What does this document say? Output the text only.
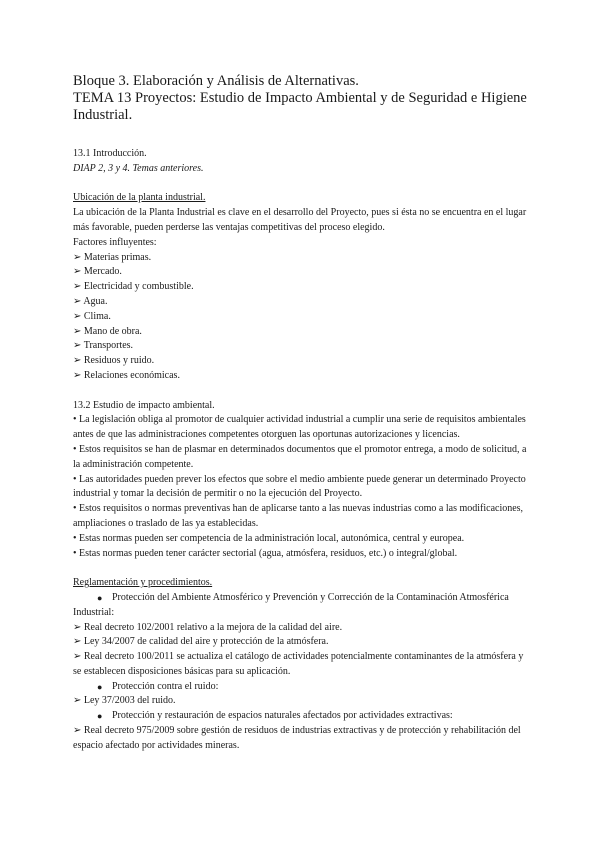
Bloque 3. Elaboración y Análisis de Alternativas.

TEMA 13 Proyectos: Estudio de Impacto Ambiental y de Seguridad e Higiene

Industrial.

13.1 Introducción.
DIAP 2, 3 y 4. Temas anteriores.
Ubicación de la planta industrial.
La ubicación de la Planta Industrial es clave en el desarrollo del Proyecto, pues si ésta no se encuentra en el lugar más favorable, pueden perderse las ventajas competitivas del proceso elegido.
Factores influyentes:
➢ Materias primas.
➢ Mercado.
➢ Electricidad y combustible.
➢ Agua.
➢ Clima.
➢ Mano de obra.
➢ Transportes.
➢ Residuos y ruido.
➢ Relaciones económicas.
13.2 Estudio de impacto ambiental.
• La legislación obliga al promotor de cualquier actividad industrial a cumplir una serie de requisitos ambientales antes de que las administraciones competentes otorguen las oportunas autorizaciones y licencias.
• Estos requisitos se han de plasmar en determinados documentos que el promotor entrega, a modo de solicitud, a la administración competente.
• Las autoridades pueden prever los efectos que sobre el medio ambiente puede generar un determinado Proyecto industrial y tomar la decisión de permitir o no la ejecución del Proyecto.
• Estos requisitos o normas preventivas han de aplicarse tanto a las nuevas industrias como a las modificaciones, ampliaciones o traslado de las ya establecidas.
• Estas normas pueden ser competencia de la administración local, autonómica, central y europea.
• Estas normas pueden tener carácter sectorial (agua, atmósfera, residuos, etc.) o integral/global.
Reglamentación y procedimientos.
● Protección del Ambiente Atmosférico y Prevención y Corrección de la Contaminación Atmosférica
Industrial:
➢ Real decreto 102/2001 relativo a la mejora de la calidad del aire.
➢ Ley 34/2007 de calidad del aire y protección de la atmósfera.
➢ Real decreto 100/2011 se actualiza el catálogo de actividades potencialmente contaminantes de la atmósfera y se establecen disposiciones básicas para su aplicación.
● Protección contra el ruido:
➢ Ley 37/2003 del ruido.
● Protección y restauración de espacios naturales afectados por actividades extractivas:
➢ Real decreto 975/2009 sobre gestión de residuos de industrias extractivas y de protección y rehabilitación del espacio afectado por actividades mineras.
